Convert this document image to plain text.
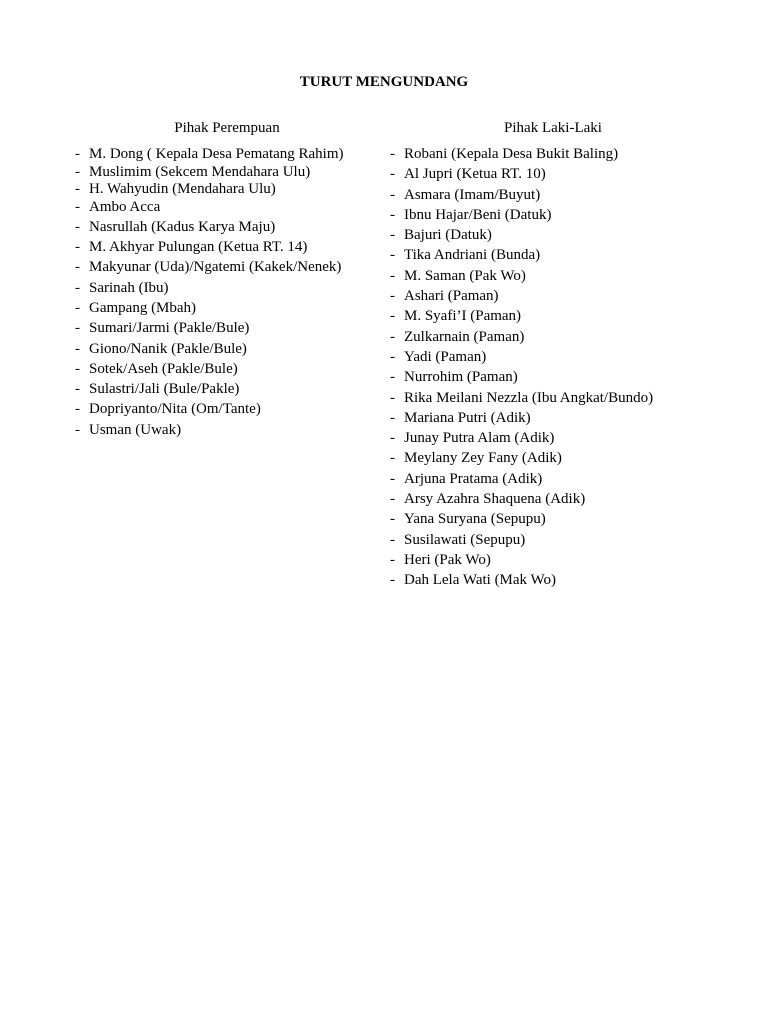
TURUT MENGUNDANG
Pihak Perempuan	Pihak Laki-Laki
- M. Dong ( Kepala Desa Pematang Rahim)
- Muslimim (Sekcem Mendahara Ulu)
- H. Wahyudin (Mendahara Ulu)
- Ambo Acca
- Nasrullah (Kadus Karya Maju)
- M. Akhyar Pulungan (Ketua RT. 14)
- Makyunar (Uda)/Ngatemi (Kakek/Nenek)
- Sarinah (Ibu)
- Gampang (Mbah)
- Sumari/Jarmi (Pakle/Bule)
- Giono/Nanik (Pakle/Bule)
- Sotek/Aseh (Pakle/Bule)
- Sulastri/Jali (Bule/Pakle)
- Dopriyanto/Nita (Om/Tante)
- Usman (Uwak)
- Robani (Kepala Desa Bukit Baling)
- Al Jupri (Ketua RT. 10)
- Asmara (Imam/Buyut)
- Ibnu Hajar/Beni (Datuk)
- Bajuri (Datuk)
- Tika Andriani (Bunda)
- M. Saman (Pak Wo)
- Ashari (Paman)
- M. Syafi’I (Paman)
- Zulkarnain (Paman)
- Yadi (Paman)
- Nurrohim (Paman)
- Rika Meilani Nezzla (Ibu Angkat/Bundo)
- Mariana Putri (Adik)
- Junay Putra Alam (Adik)
- Meylany Zey Fany (Adik)
- Arjuna Pratama (Adik)
- Arsy Azahra Shaquena (Adik)
- Yana Suryana (Sepupu)
- Susilawati (Sepupu)
- Heri (Pak Wo)
- Dah Lela Wati (Mak Wo)
